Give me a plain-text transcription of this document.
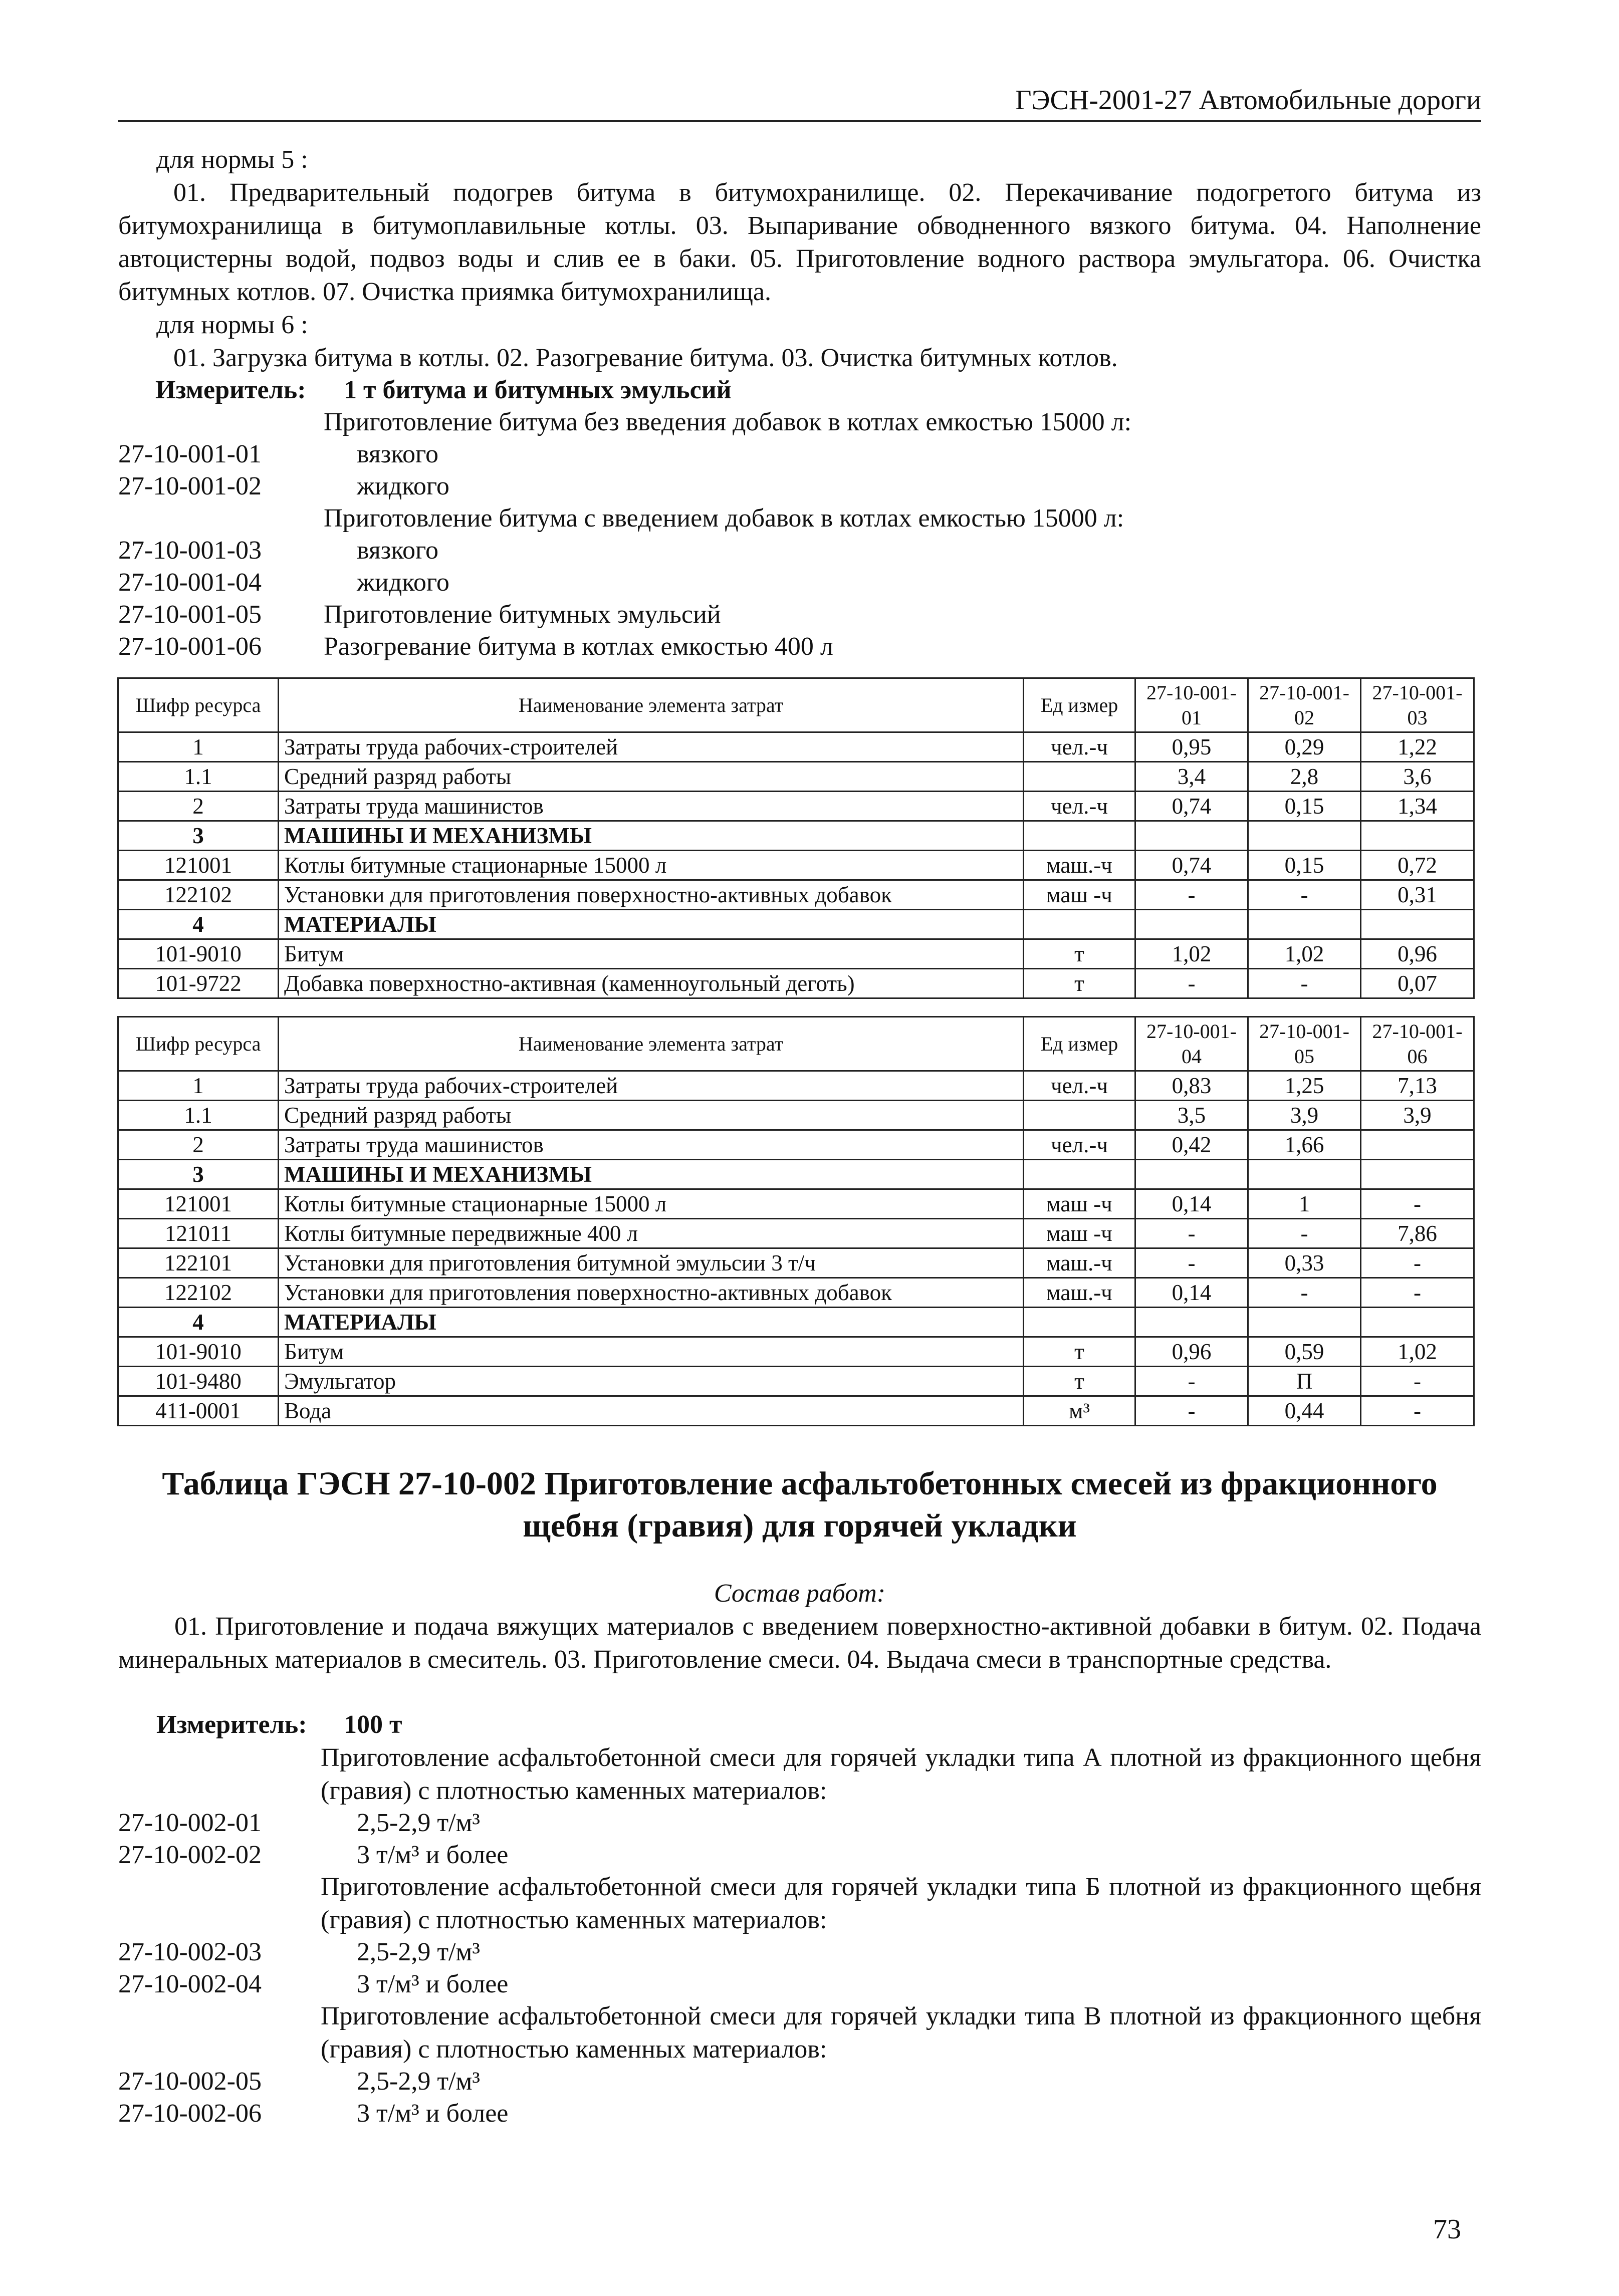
ГЭСН-2001-27 Автомобильные дороги
для нормы 5 :
01. Предварительный подогрев битума в битумохранилище. 02. Перекачивание подогретого битума из битумохранилища в битумоплавильные котлы. 03. Выпаривание обводненного вязкого битума. 04. Наполнение автоцистерны водой, подвоз воды и слив ее в баки. 05. Приготовление водного раствора эмульгатора. 06. Очистка битумных котлов. 07. Очистка приямка битумохранилища.
для нормы 6 :
01. Загрузка битума в котлы. 02. Разогревание битума. 03. Очистка битумных котлов.
Измеритель: 1 т битума и битумных эмульсий
Приготовление битума без введения добавок в котлах емкостью 15000 л:
27-10-001-01	вязкого
27-10-001-02	жидкого
Приготовление битума с введением добавок в котлах емкостью 15000 л:
27-10-001-03	вязкого
27-10-001-04	жидкого
27-10-001-05 Приготовление битумных эмульсий
27-10-001-06 Разогревание битума в котлах емкостью 400 л
Шифр ресурса	Наименование элемента затрат	Ед измер	27-10-001-01	27-10-001-02	27-10-001-03
1	Затраты труда рабочих-строителей	чел.-ч	0,95	0,29	1,22
1.1	Средний разряд работы		3,4	2,8	3,6
2	Затраты труда машинистов	чел.-ч	0,74	0,15	1,34
3	МАШИНЫ И МЕХАНИЗМЫ				
121001	Котлы битумные стационарные 15000 л	маш.-ч	0,74	0,15	0,72
122102	Установки для приготовления поверхностно-активных добавок	маш -ч	-	-	0,31
4	МАТЕРИАЛЫ				
101-9010	Битум	т	1,02	1,02	0,96
101-9722	Добавка поверхностно-активная (каменноугольный деготь)	т	-	-	0,07
Шифр ресурса	Наименование элемента затрат	Ед измер	27-10-001-04	27-10-001-05	27-10-001-06
1	Затраты труда рабочих-строителей	чел.-ч	0,83	1,25	7,13
1.1	Средний разряд работы		3,5	3,9	3,9
2	Затраты труда машинистов	чел.-ч	0,42	1,66	
3	МАШИНЫ И МЕХАНИЗМЫ				
121001	Котлы битумные стационарные 15000 л	маш -ч	0,14	1	-
121011	Котлы битумные передвижные 400 л	маш -ч	-	-	7,86
122101	Установки для приготовления битумной эмульсии 3 т/ч	маш.-ч	-	0,33	-
122102	Установки для приготовления поверхностно-активных добавок	маш.-ч	0,14	-	-
4	МАТЕРИАЛЫ				
101-9010	Битум	т	0,96	0,59	1,02
101-9480	Эмульгатор	т	-	П	-
411-0001	Вода	м³	-	0,44	-
Таблица ГЭСН 27-10-002 Приготовление асфальтобетонных смесей из фракционного щебня (гравия) для горячей укладки
Состав работ:
01. Приготовление и подача вяжущих материалов с введением поверхностно-активной добавки в битум. 02. Подача минеральных материалов в смеситель. 03. Приготовление смеси. 04. Выдача смеси в транспортные средства.
Измеритель: 100 т
Приготовление асфальтобетонной смеси для горячей укладки типа А плотной из фракционного щебня (гравия) с плотностью каменных материалов:
27-10-002-01	2,5-2,9 т/м³
27-10-002-02	3 т/м³ и более
Приготовление асфальтобетонной смеси для горячей укладки типа Б плотной из фракционного щебня (гравия) с плотностью каменных материалов:
27-10-002-03	2,5-2,9 т/м³
27-10-002-04	3 т/м³ и более
Приготовление асфальтобетонной смеси для горячей укладки типа В плотной из фракционного щебня (гравия) с плотностью каменных материалов:
27-10-002-05	2,5-2,9 т/м³
27-10-002-06	3 т/м³ и более
73
